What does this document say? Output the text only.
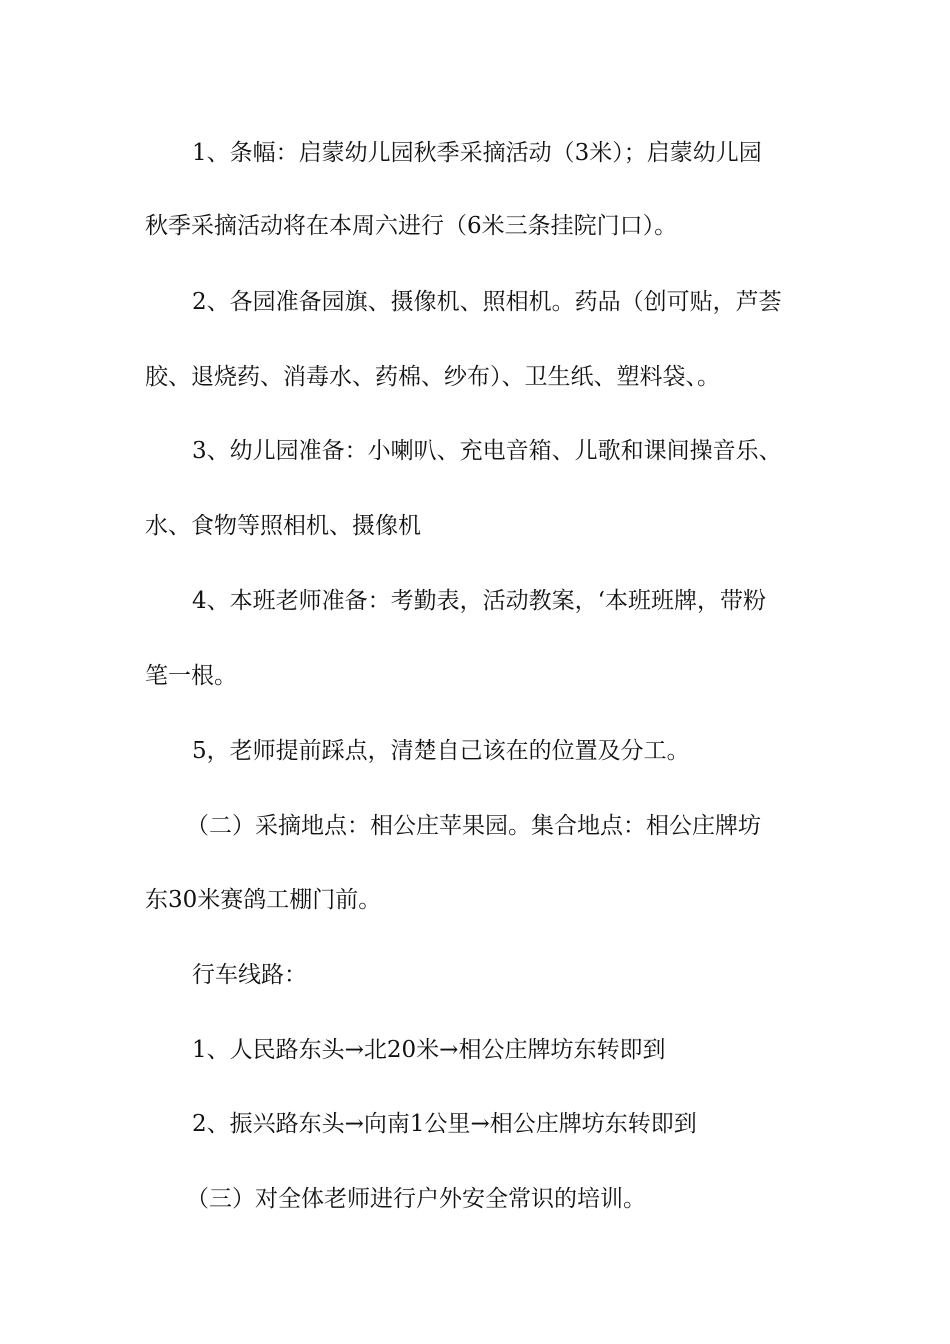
1、条幅：启蒙幼儿园秋季采摘活动（3米）；启蒙幼儿园
秋季采摘活动将在本周六进行（6米三条挂院门口）。
2、各园准备园旗、摄像机、照相机。药品（创可贴，芦荟
胶、退烧药、消毒水、药棉、纱布）、卫生纸、塑料袋、。
3、幼儿园准备：小喇叭、充电音箱、儿歌和课间操音乐、
水、食物等照相机、摄像机
4、本班老师准备：考勤表，活动教案，‘本班班牌，带粉
笔一根。
5，老师提前踩点，清楚自己该在的位置及分工。
（二）采摘地点：相公庄苹果园。集合地点：相公庄牌坊
东30米赛鸽工棚门前。
行车线路：
1、人民路东头→北20米→相公庄牌坊东转即到
2、振兴路东头→向南1公里→相公庄牌坊东转即到
（三）对全体老师进行户外安全常识的培训。
